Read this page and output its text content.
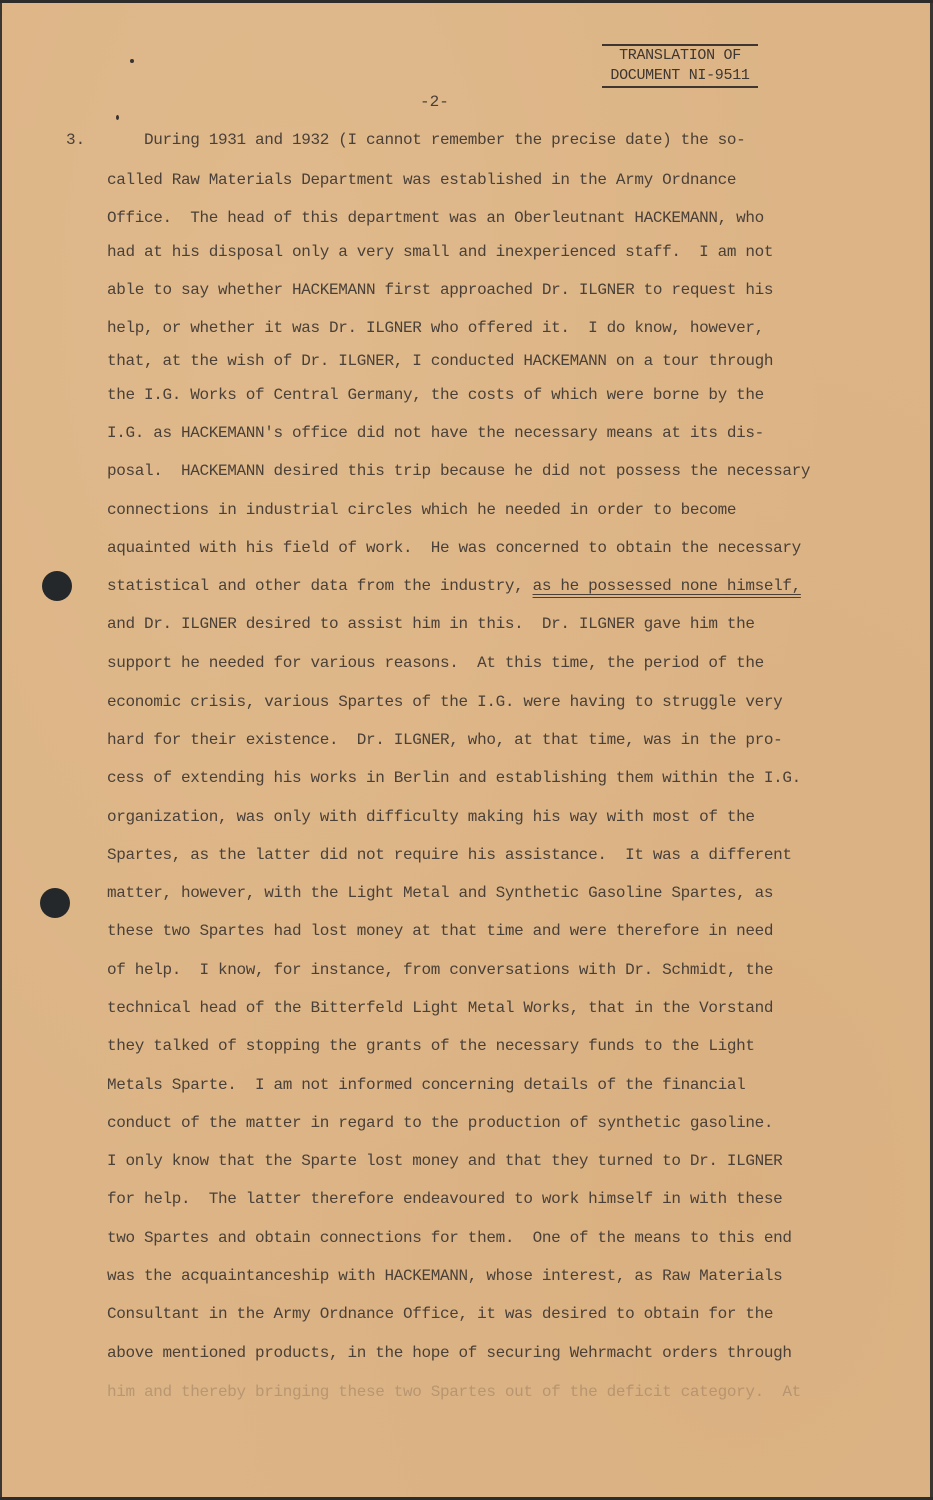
TRANSLATION OF
DOCUMENT NI-9511
-2-
3. During 1931 and 1932 (I cannot remember the precise date) the so-
called Raw Materials Department was established in the Army Ordnance
Office.  The head of this department was an Oberleutnant HACKEMANN, who
had at his disposal only a very small and inexperienced staff.  I am not
able to say whether HACKEMANN first approached Dr. ILGNER to request his
help, or whether it was Dr. ILGNER who offered it.  I do know, however,
that, at the wish of Dr. ILGNER, I conducted HACKEMANN on a tour through
the I.G. Works of Central Germany, the costs of which were borne by the
I.G. as HACKEMANN's office did not have the necessary means at its dis-
posal.  HACKEMANN desired this trip because he did not possess the necessary
connections in industrial circles which he needed in order to become
aquainted with his field of work.  He was concerned to obtain the necessary
statistical and other data from the industry, as he possessed none himself,
and Dr. ILGNER desired to assist him in this.  Dr. ILGNER gave him the
support he needed for various reasons.  At this time, the period of the
economic crisis, various Spartes of the I.G. were having to struggle very
hard for their existence.  Dr. ILGNER, who, at that time, was in the pro-
cess of extending his works in Berlin and establishing them within the I.G.
organization, was only with difficulty making his way with most of the
Spartes, as the latter did not require his assistance.  It was a different
matter, however, with the Light Metal and Synthetic Gasoline Spartes, as
these two Spartes had lost money at that time and were therefore in need
of help.  I know, for instance, from conversations with Dr. Schmidt, the
technical head of the Bitterfeld Light Metal Works, that in the Vorstand
they talked of stopping the grants of the necessary funds to the Light
Metals Sparte.  I am not informed concerning details of the financial
conduct of the matter in regard to the production of synthetic gasoline.
I only know that the Sparte lost money and that they turned to Dr. ILGNER
for help.  The latter therefore endeavoured to work himself in with these
two Spartes and obtain connections for them.  One of the means to this end
was the acquaintanceship with HACKEMANN, whose interest, as Raw Materials
Consultant in the Army Ordnance Office, it was desired to obtain for the
above mentioned products, in the hope of securing Wehrmacht orders through
him and thereby bringing these two Spartes out of the deficit category.  At
